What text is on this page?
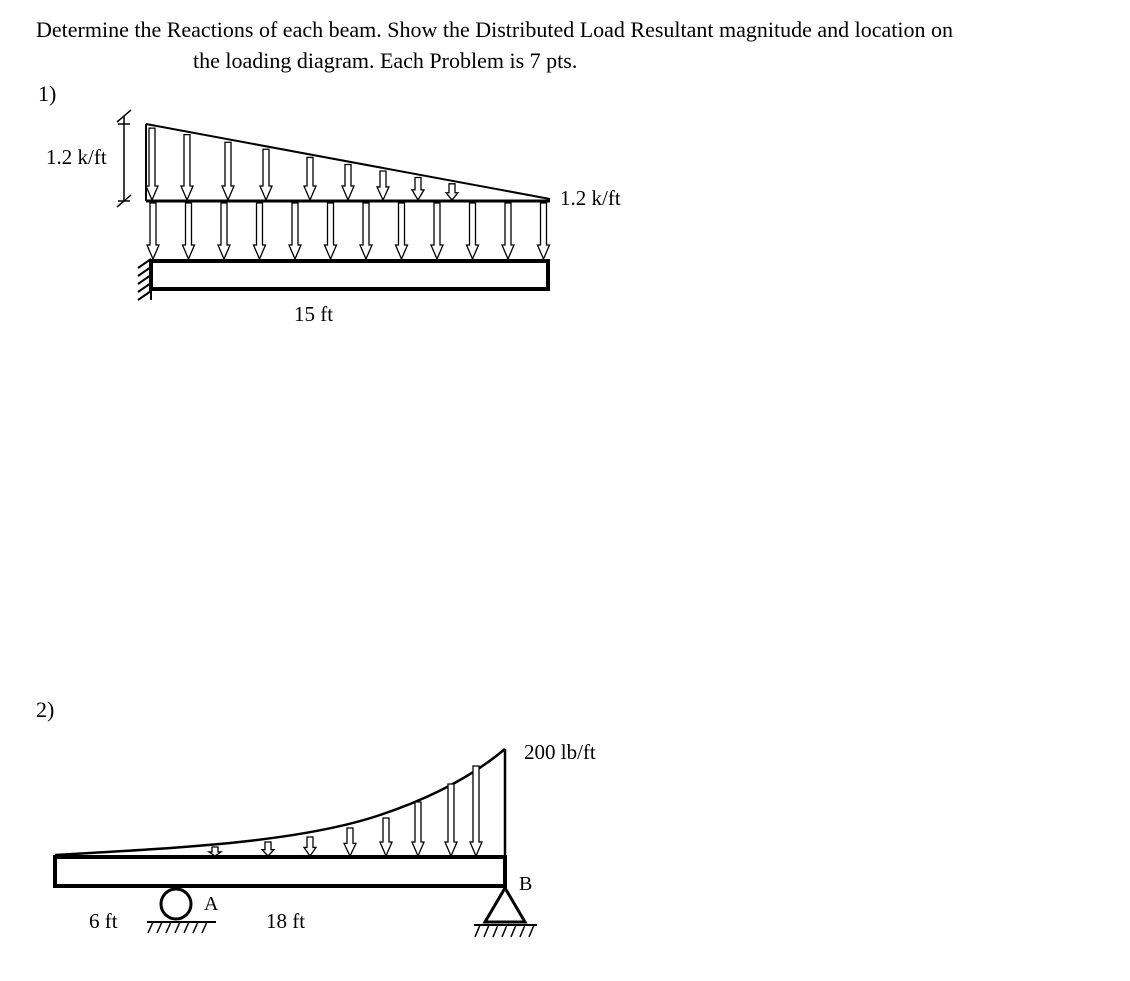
Determine the Reactions of each beam. Show the Distributed Load Resultant magnitude and location on
the loading diagram. Each Problem is 7 pts.
1)
1.2 k/ft
1.2 k/ft
15 ft
2)
200 lb/ft
B
A
6 ft	18 ft
